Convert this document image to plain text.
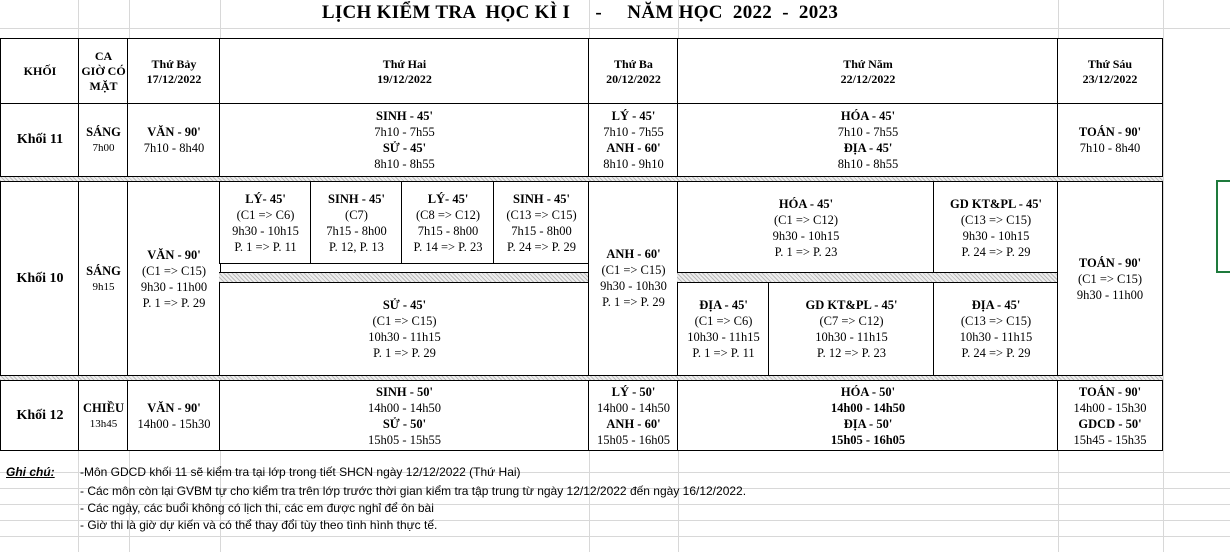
LỊCH KIỂM TRA  HỌC KÌ I     -     NĂM HỌC  2022  -  2023
KHỐI
CA
GIỜ CÓ
MẶT
Thứ Bảy
17/12/2022
Thứ Hai
19/12/2022
Thứ Ba
20/12/2022
Thứ Năm
22/12/2022
Thứ Sáu
23/12/2022
Khối 11 SÁNG
7h00
VĂN - 90'
7h10 - 8h40
SINH - 45'
7h10 - 7h55
SỬ - 45'
8h10 - 8h55
LÝ - 45'
7h10 - 7h55
ANH - 60'
8h10 - 9h10
HÓA - 45'
7h10 - 7h55
ĐỊA - 45'
8h10 - 8h55
TOÁN - 90'
7h10 - 8h40
Khối 10 SÁNG
9h15
VĂN - 90'
(C1 => C15)
9h30 - 11h00
P. 1 => P. 29
LÝ- 45'
(C1 => C6)
9h30 - 10h15
P. 1 => P. 11
SINH - 45'
(C7)
7h15 - 8h00
P. 12, P. 13
LÝ- 45'
(C8 => C12)
7h15 - 8h00
P. 14 => P. 23
SINH - 45'
(C13 => C15)
7h15 - 8h00
P. 24 => P. 29
SỬ - 45'
(C1 => C15)
10h30 - 11h15
P. 1 => P. 29
ANH - 60'
(C1 => C15)
9h30 - 10h30
P. 1 => P. 29
HÓA - 45'
(C1 => C12)
9h30 - 10h15
P. 1 => P. 23
GD KT&PL - 45'
(C13 => C15)
9h30 - 10h15
P. 24 => P. 29
ĐỊA - 45'
(C1 => C6)
10h30 - 11h15
P. 1 => P. 11
GD KT&PL - 45'
(C7 => C12)
10h30 - 11h15
P. 12 => P. 23
ĐỊA - 45'
(C13 => C15)
10h30 - 11h15
P. 24 => P. 29
TOÁN - 90'
(C1 => C15)
9h30 - 11h00
Khối 12 CHIỀU
13h45
VĂN - 90'
14h00 - 15h30
SINH - 50'
14h00 - 14h50
SỬ - 50'
15h05 - 15h55
LÝ - 50'
14h00 - 14h50
ANH - 60'
15h05 - 16h05
HÓA - 50'
14h00 - 14h50
ĐỊA - 50'
15h05 - 16h05
TOÁN - 90'
14h00 - 15h30
GDCD - 50'
15h45 - 15h35
Ghi chú: -Môn GDCD khối 11 sẽ kiểm tra tại lớp trong tiết SHCN ngày 12/12/2022 (Thứ Hai)
- Các môn còn lại GVBM tự cho kiểm tra trên lớp trước thời gian kiểm tra tập trung từ ngày 12/12/2022 đến ngày 16/12/2022.
- Các ngày, các buổi không có lịch thi, các em được nghỉ để ôn bài
- Giờ thi là giờ dự kiến và có thể thay đổi tùy theo tình hình thực tế.
